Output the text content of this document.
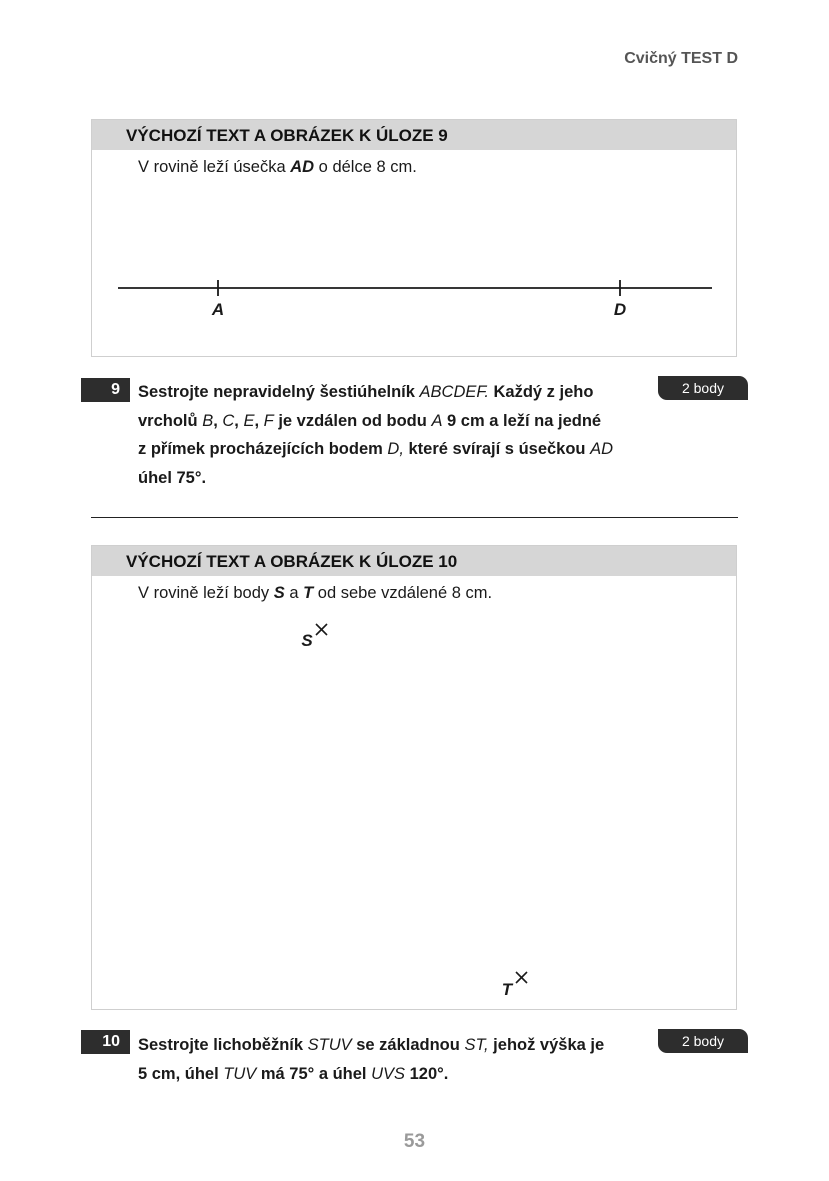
Cvičný TEST D
VÝCHOZÍ TEXT A OBRÁZEK K ÚLOZE 9
V rovině leží úsečka AD o délce 8 cm.
A	D
9	2 body
Sestrojte nepravidelný šestiúhelník ABCDEF. Každý z jeho
vrcholů B, C, E, F je vzdálen od bodu A 9 cm a leží na jedné
z přímek procházejících bodem D, které svírají s úsečkou AD
úhel 75°.
VÝCHOZÍ TEXT A OBRÁZEK K ÚLOZE 10
V rovině leží body S a T od sebe vzdálené 8 cm.
S
T
10	2 body
Sestrojte lichoběžník STUV se základnou ST, jehož výška je
5 cm, úhel TUV má 75° a úhel UVS 120°.
53
